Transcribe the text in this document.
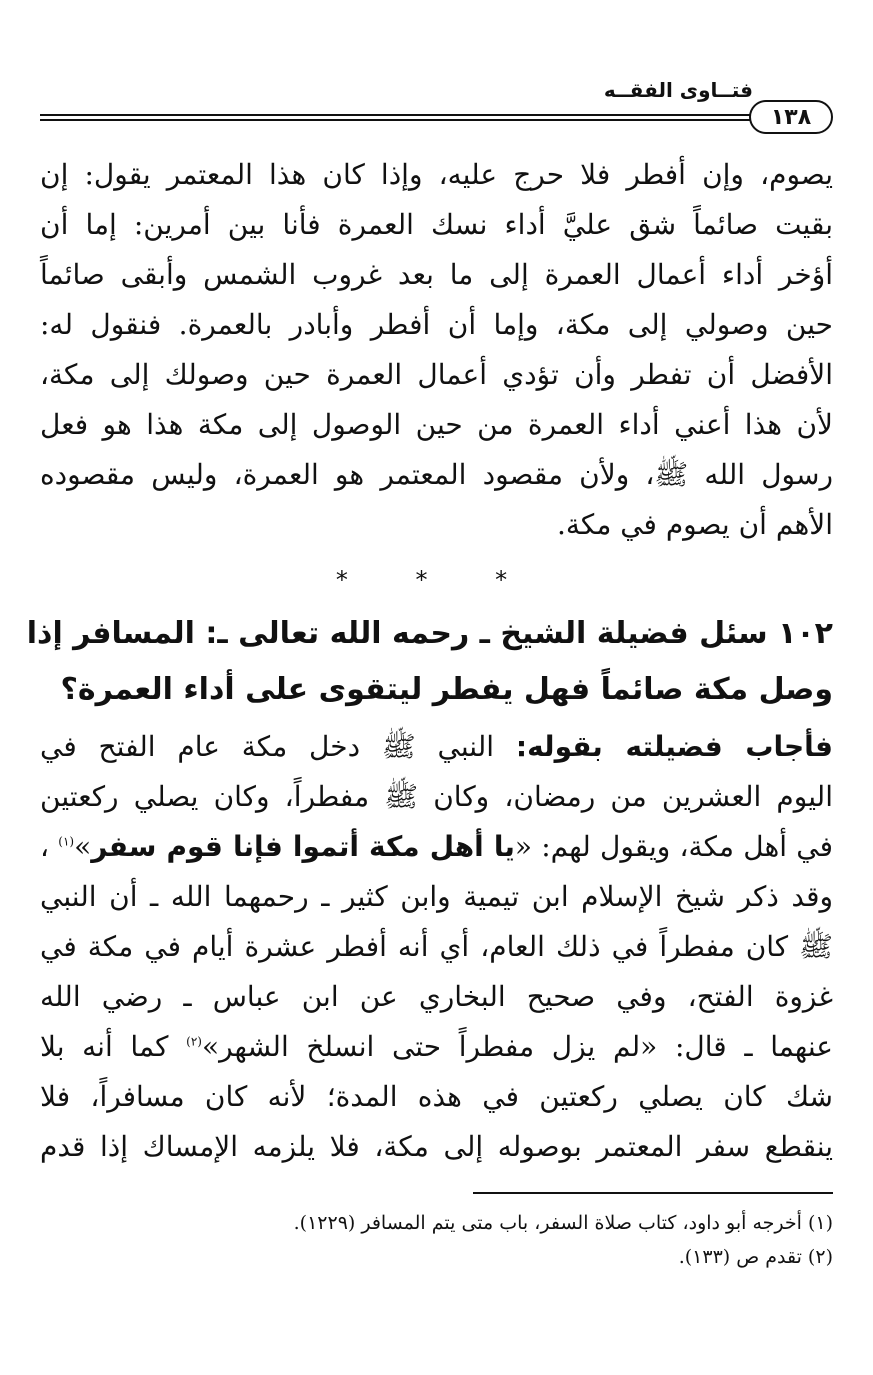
فتــاوى الفقــه
١٣٨

يصوم، وإن أفطر فلا حرج عليه، وإذا كان هذا المعتمر يقول: إن
بقيت صائماً شق عليَّ أداء نسك العمرة فأنا بين أمرين: إما أن
أؤخر أداء أعمال العمرة إلى ما بعد غروب الشمس وأبقى صائماً
حين وصولي إلى مكة، وإما أن أفطر وأبادر بالعمرة. فنقول له:
الأفضل أن تفطر وأن تؤدي أعمال العمرة حين وصولك إلى مكة،
لأن هذا أعني أداء العمرة من حين الوصول إلى مكة هذا هو فعل
رسول الله ﷺ، ولأن مقصود المعتمر هو العمرة، وليس مقصوده
الأهم أن يصوم في مكة.

* * *

١٠٢ سئل فضيلة الشيخ ـ رحمه الله تعالى ـ: المسافر إذا
وصل مكة صائماً فهل يفطر ليتقوى على أداء العمرة؟

فأجاب فضيلته بقوله: النبي ﷺ دخل مكة عام الفتح في
اليوم العشرين من رمضان، وكان ﷺ مفطراً، وكان يصلي ركعتين
في أهل مكة، ويقول لهم: «يا أهل مكة أتموا فإنا قوم سفر»$^{(١)}$ ،
وقد ذكر شيخ الإسلام ابن تيمية وابن كثير ـ رحمهما الله ـ أن النبي
ﷺ كان مفطراً في ذلك العام، أي أنه أفطر عشرة أيام في مكة في
غزوة الفتح، وفي صحيح البخاري عن ابن عباس ـ رضي الله
عنهما ـ قال: «لم يزل مفطراً حتى انسلخ الشهر»$^{(٢)}$ كما أنه بلا
شك كان يصلي ركعتين في هذه المدة؛ لأنه كان مسافراً، فلا
ينقطع سفر المعتمر بوصوله إلى مكة، فلا يلزمه الإمساك إذا قدم

(١) أخرجه أبو داود، كتاب صلاة السفر، باب متى يتم المسافر (١٢٢٩).
(٢) تقدم ص (١٣٣).
